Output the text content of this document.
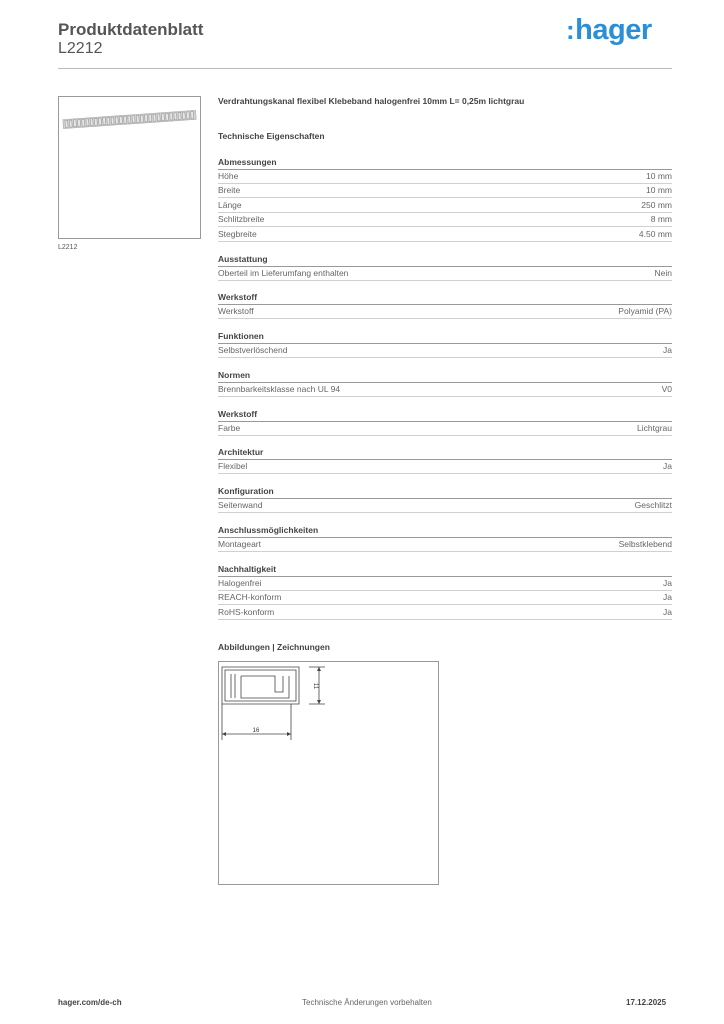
Produktdatenblatt
L2212
:hager
L2212
Verdrahtungskanal flexibel Klebeband halogenfrei 10mm L= 0,25m lichtgrau
Technische Eigenschaften
Abmessungen
Höhe	10 mm
Breite	10 mm
Länge	250 mm
Schlitzbreite	8 mm
Stegbreite	4.50 mm
Ausstattung
Oberteil im Lieferumfang enthalten	Nein
Werkstoff
Werkstoff	Polyamid (PA)
Funktionen
Selbstverlöschend	Ja
Normen
Brennbarkeitsklasse nach UL 94	V0
Werkstoff
Farbe	Lichtgrau
Architektur
Flexibel	Ja
Konfiguration
Seitenwand	Geschlitzt
Anschlussmöglichkeiten
Montageart	Selbstklebend
Nachhaltigkeit
Halogenfrei	Ja
REACH-konform	Ja
RoHS-konform	Ja
Abbildungen | Zeichnungen
16
11
hager.com/de-ch	Technische Änderungen vorbehalten	17.12.2025
